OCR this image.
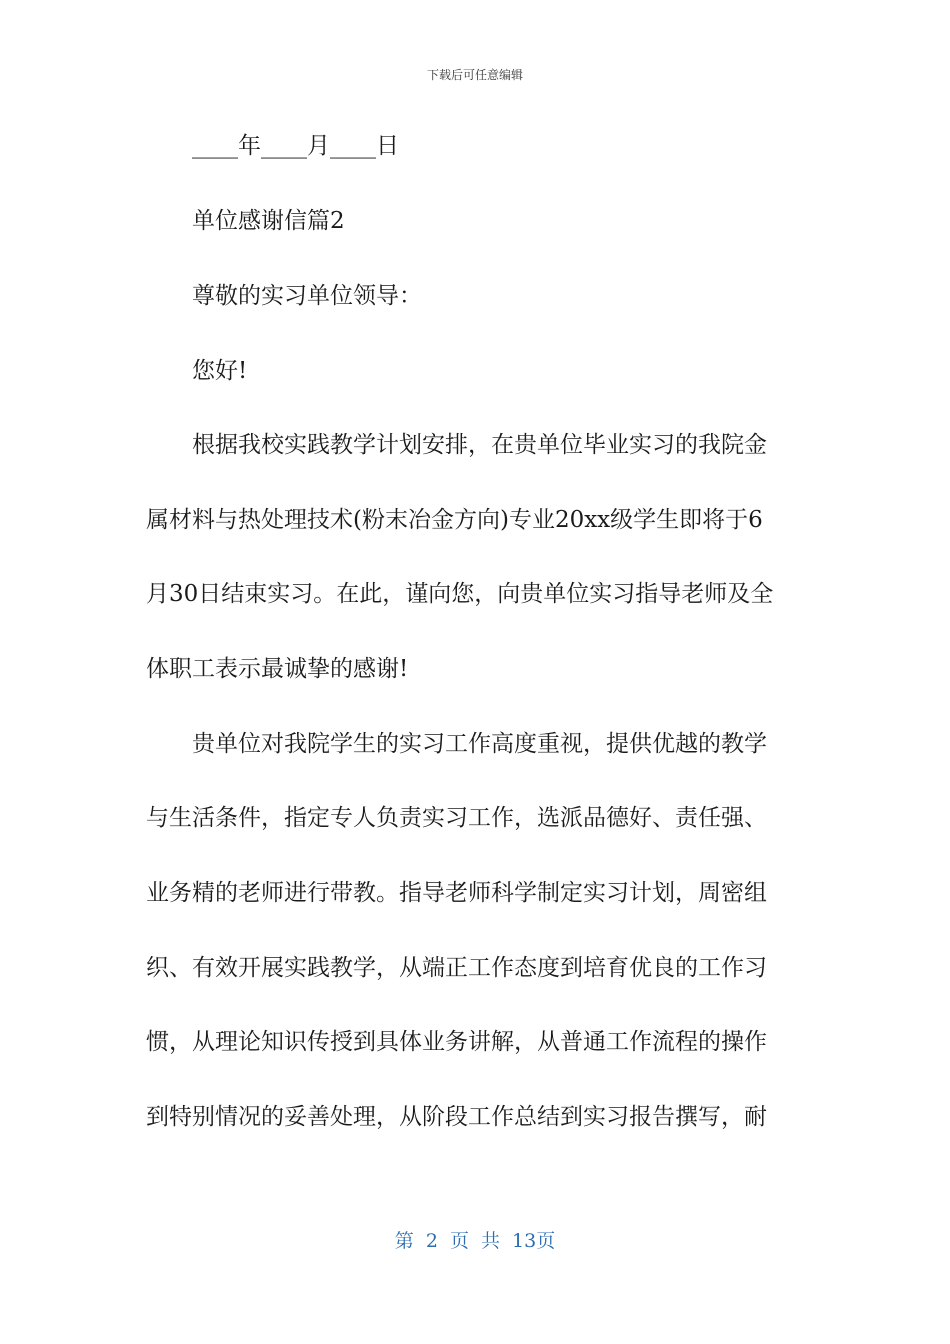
下载后可任意编辑
____年____月____日
单位感谢信篇2
尊敬的实习单位领导：
您好!
根据我校实践教学计划安排，在贵单位毕业实习的我院金
属材料与热处理技术(粉末冶金方向)专业20xx级学生即将于6
月30日结束实习。在此，谨向您，向贵单位实习指导老师及全
体职工表示最诚挚的感谢!
贵单位对我院学生的实习工作高度重视，提供优越的教学
与生活条件，指定专人负责实习工作，选派品德好、责任强、
业务精的老师进行带教。指导老师科学制定实习计划，周密组
织、有效开展实践教学，从端正工作态度到培育优良的工作习
惯，从理论知识传授到具体业务讲解，从普通工作流程的操作
到特别情况的妥善处理，从阶段工作总结到实习报告撰写，耐
第 2 页 共 13页
